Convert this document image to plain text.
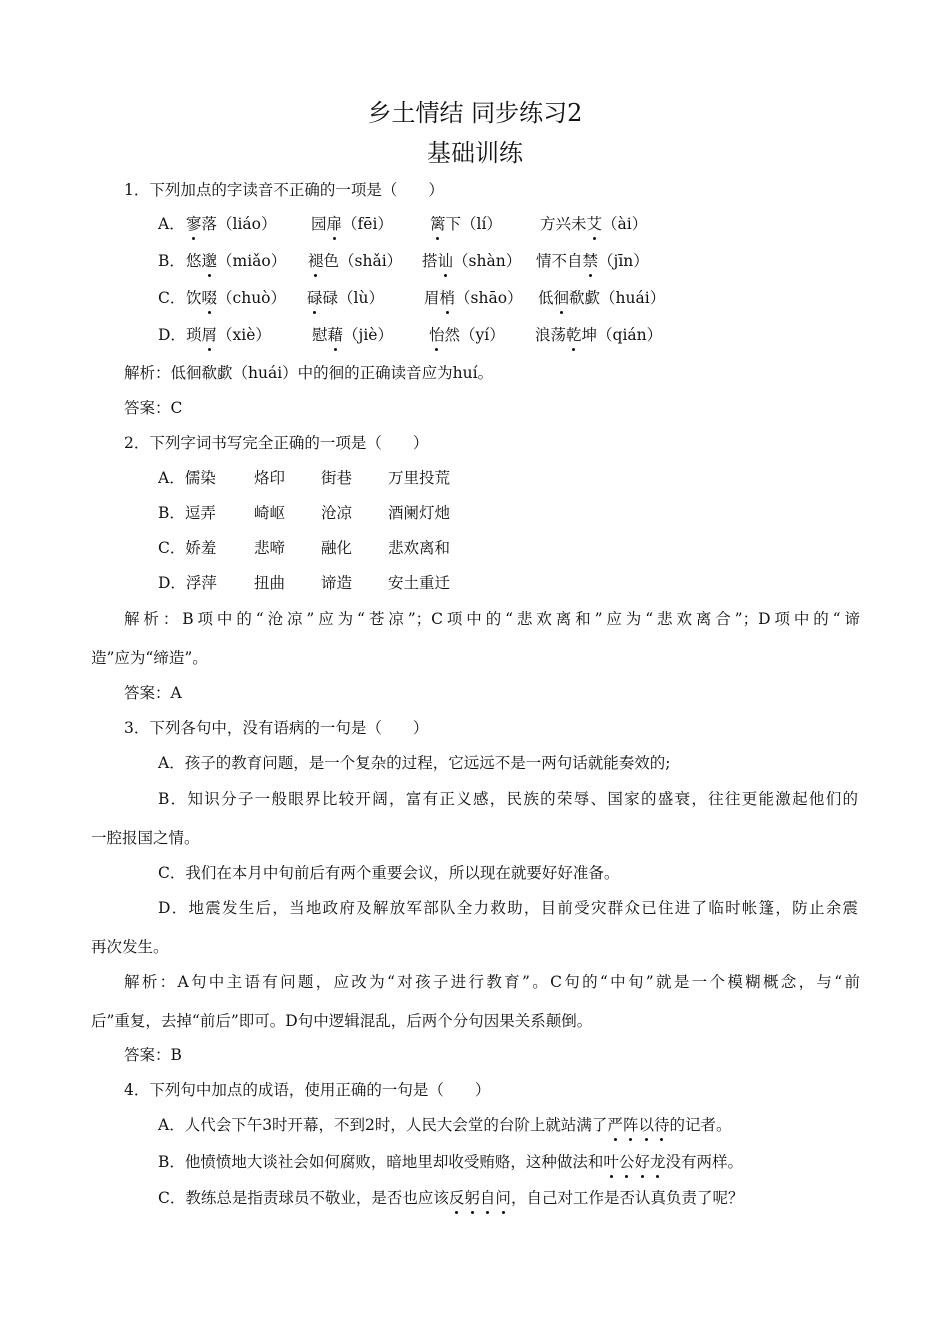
乡土情结 同步练习2
基础训练
1．下列加点的字读音不正确的一项是（　　）
A． 寥落（liáo） 园扉（fēi） 篱下（lí） 方兴未艾（ài）
B． 悠邈（miǎo） 褪色（shǎi） 搭讪（shàn） 情不自禁（jīn）
C． 饮啜（chuò） 碌碌（lù）	眉梢（shāo） 低徊欷歔（huái）
D． 琐屑（xiè）	慰藉（jiè） 怡然（yí） 浪荡乾坤（qián）
解析：低徊欷歔（huái）中的徊的正确读音应为huí。
答案：C
2．下列字词书写完全正确的一项是（　　）
A．儒染 烙印 街巷 万里投荒
B．逗弄 崎岖 沧凉 酒阑灯灺
C．娇羞 悲啼 融化 悲欢离和
D．浮萍 扭曲 谛造 安土重迁
解析：B项中的“沧凉”应为“苍凉”；C项中的“悲欢离和”应为“悲欢离合”；D项中的“谛
造”应为“缔造”。
答案：A
3．下列各句中，没有语病的一句是（　　）
A．孩子的教育问题，是一个复杂的过程，它远远不是一两句话就能奏效的;
B．知识分子一般眼界比较开阔，富有正义感，民族的荣辱、国家的盛衰，往往更能激起他们的
一腔报国之情。
C．我们在本月中旬前后有两个重要会议，所以现在就要好好准备。
D．地震发生后，当地政府及解放军部队全力救助，目前受灾群众已住进了临时帐篷，防止余震
再次发生。
解析：A句中主语有问题，应改为“对孩子进行教育”。C句的“中旬”就是一个模糊概念，与“前
后”重复，去掉“前后”即可。D句中逻辑混乱，后两个分句因果关系颠倒。
答案：B
4．下列句中加点的成语，使用正确的一句是（　　）
A．人代会下午3时开幕，不到2时，人民大会堂的台阶上就站满了严阵以待的记者。
B．他愤愤地大谈社会如何腐败，暗地里却收受贿赂，这种做法和叶公好龙没有两样。
C．教练总是指责球员不敬业，是否也应该反躬自问，自己对工作是否认真负责了呢？
